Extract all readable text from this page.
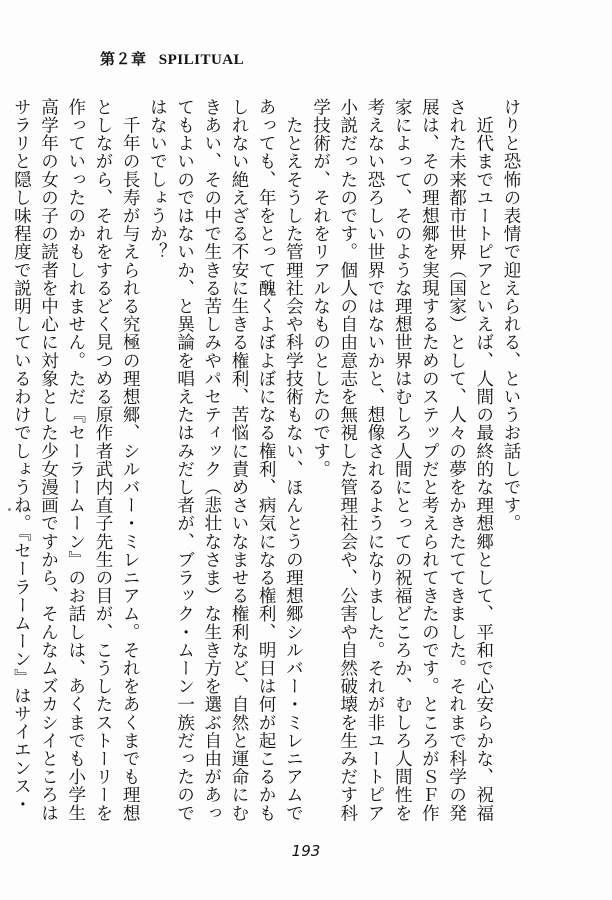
第２章 SPILITUAL
けりと恐怖の表情で迎えられる、というお話しです。
　近代までユートピアといえば、人間の最終的な理想郷として、平和で心安らかな、祝福
された未来都市世界（国家）として、人々の夢をかきたててきました。それまで科学の発
展は、その理想郷を実現するためのステップだと考えられてきたのです。ところがＳＦ作
家によって、そのような理想世界はむしろ人間にとっての祝福どころか、むしろ人間性を
考えない恐ろしい世界ではないかと、想像されるようになりました。それが非ユートピア
小説だったのです。個人の自由意志を無視した管理社会や、公害や自然破壊を生みだす科
学技術が、それをリアルなものとしたのです。
　たとえそうした管理社会や科学技術もない、ほんとうの理想郷シルバー・ミレニアムで
あっても、年をとって醜くよぼよぼになる権利、病気になる権利、明日は何が起こるかも
しれない絶えざる不安に生きる権利、苦悩に責めさいなませる権利など、自然と運命にむ
きあい、その中で生きる苦しみやパセティック（悲壮なさま）な生き方を選ぶ自由があっ
てもよいのではないか、と異論を唱えたはみだし者が、ブラック・ムーン一族だったので
はないでしょうか？
　千年の長寿が与えられる究極の理想郷、シルバー・ミレニアム。それをあくまでも理想
としながら、それをするどく見つめる原作者武内直子先生の目が、こうしたストーリーを
作っていったのかもしれません。ただ『セーラームーン』のお話しは、あくまでも小学生
高学年の女の子の読者を中心に対象とした少女漫画ですから、そんなムズカシイところは
サラリと隠し味程度で説明しているわけでしょうね。『セーラームーン』はサイエンス・
193
